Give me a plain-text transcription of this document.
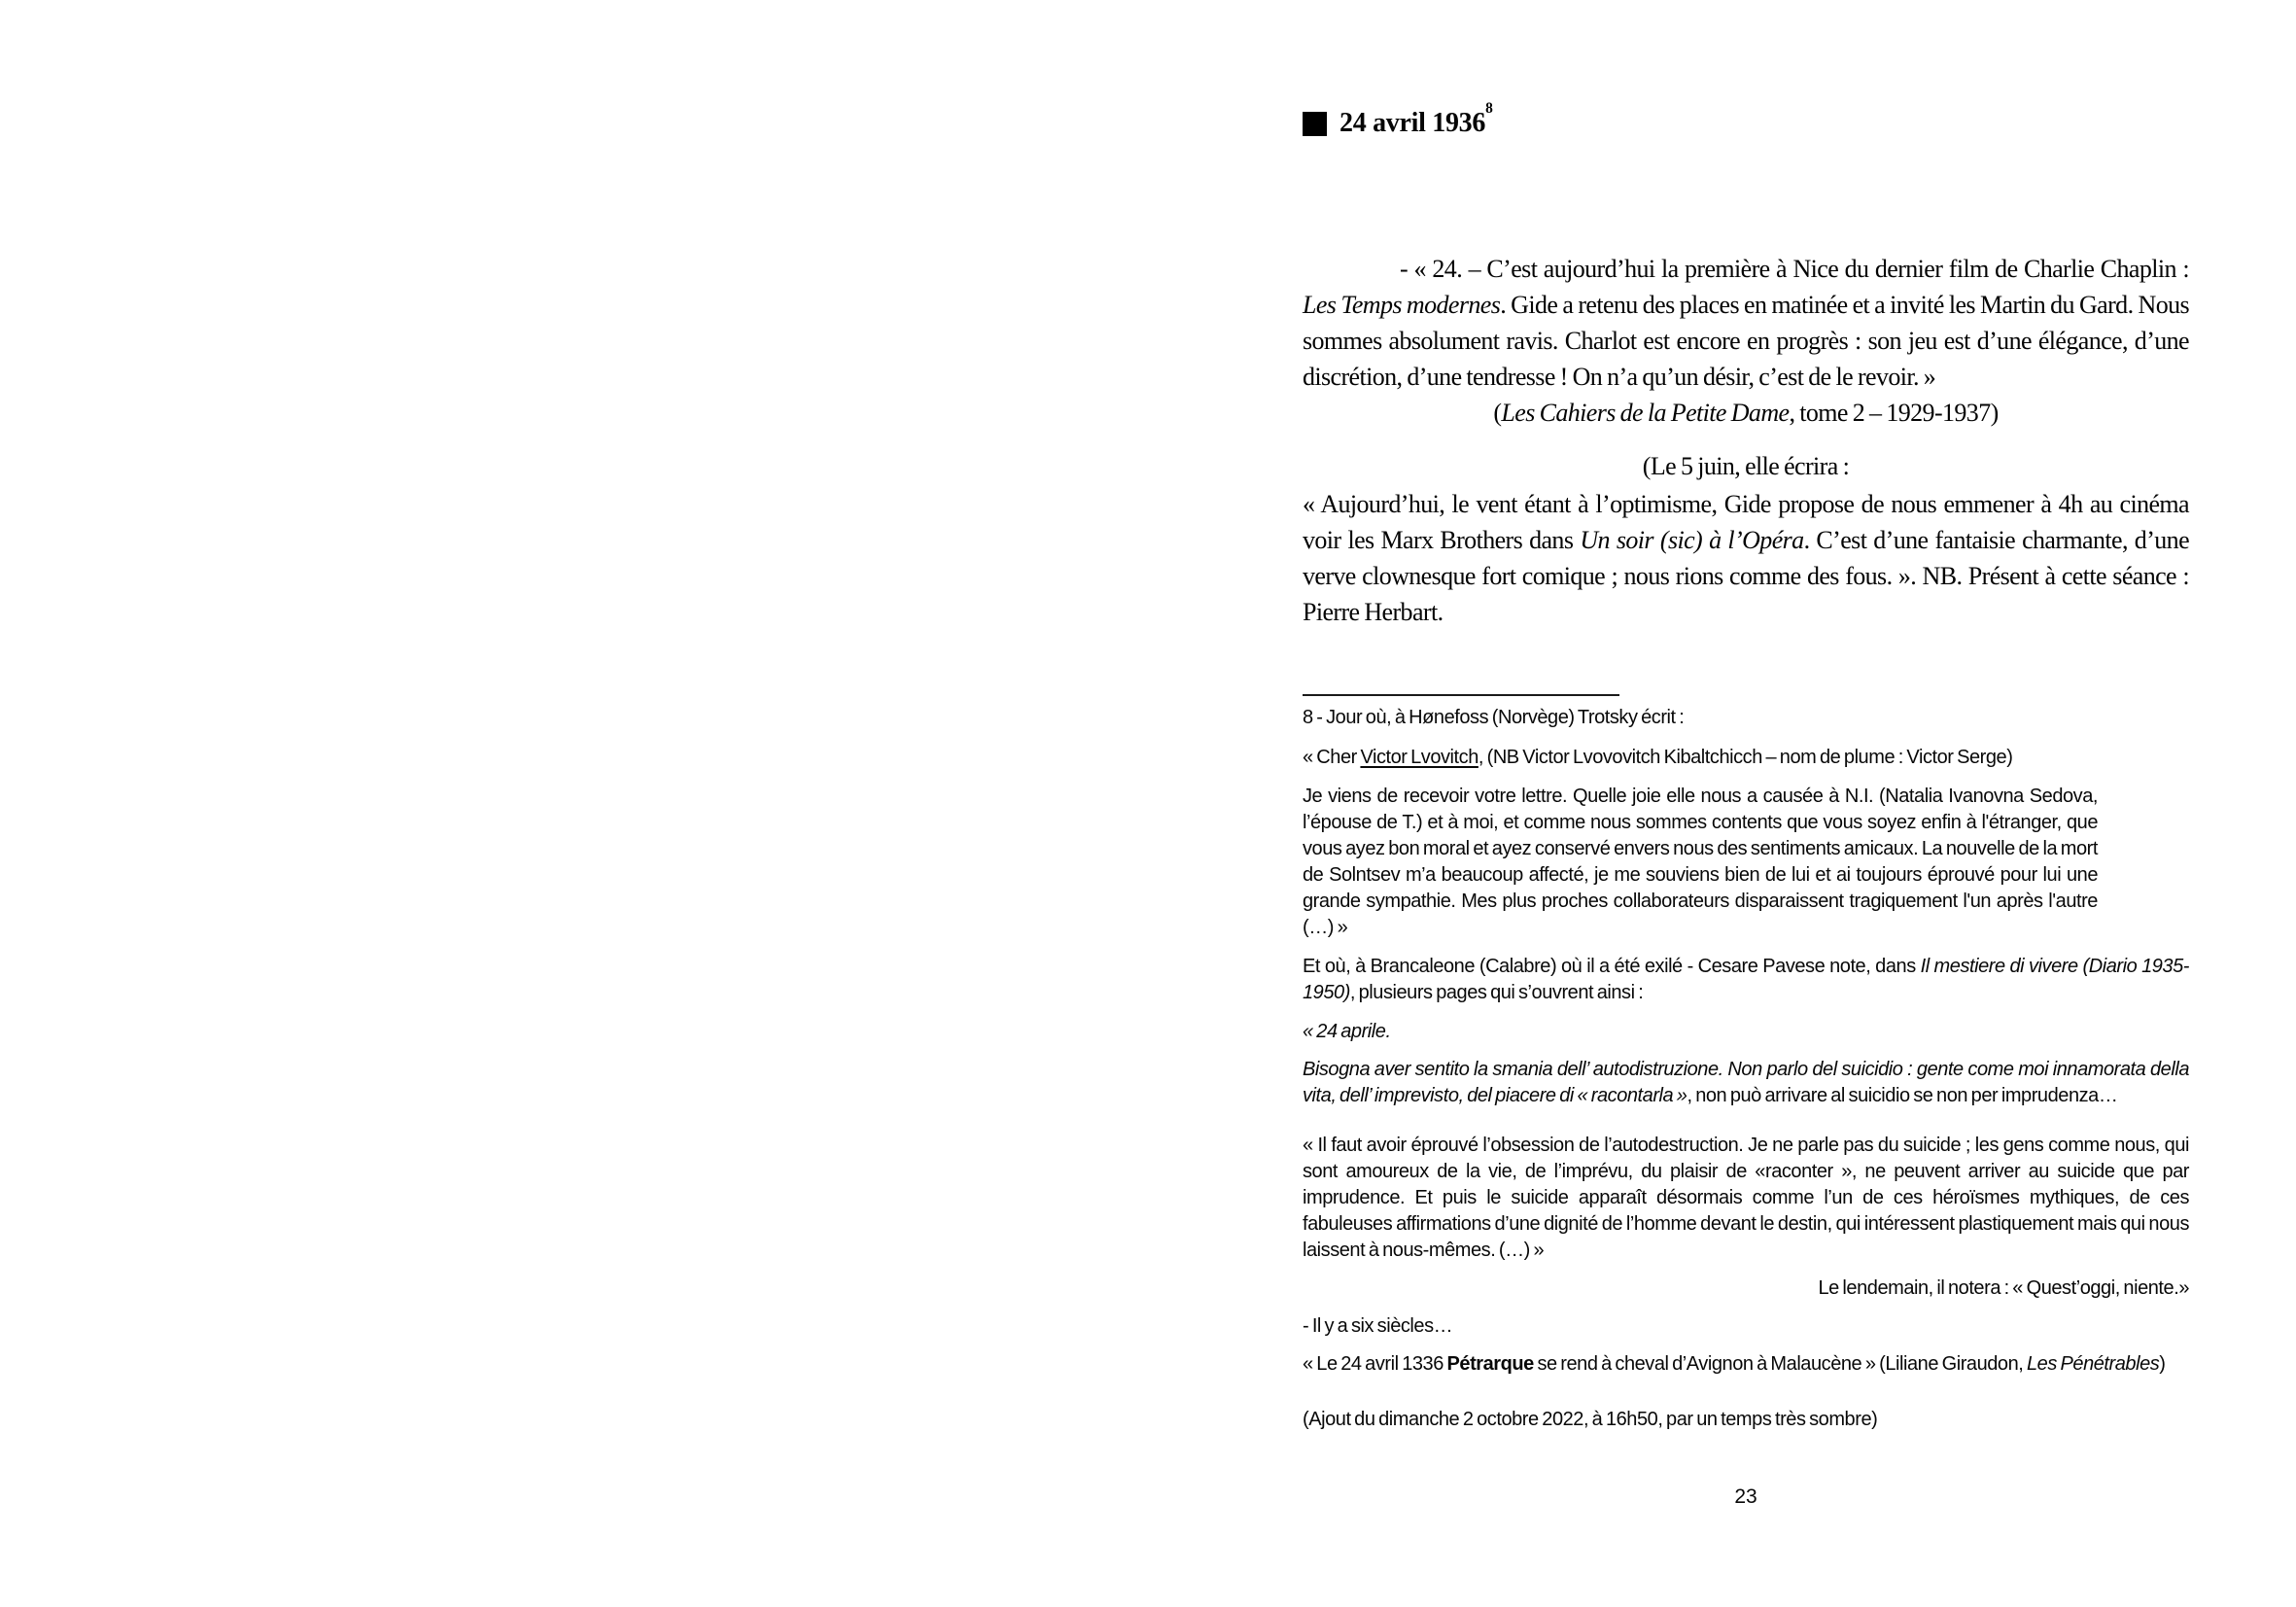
24 avril 1936$^8$

- « 24. – C’est aujourd’hui la première à Nice du dernier film de Charlie Chaplin : Les Temps modernes. Gide a retenu des places en matinée et a invité les Martin du Gard. Nous sommes absolument ravis. Charlot est encore en progrès : son jeu est d’une élégance, d’une discrétion, d’une tendresse ! On n’a qu’un désir, c’est de le revoir. »

(Les Cahiers de la Petite Dame, tome 2 – 1929-1937)

(Le 5 juin, elle écrira :

« Aujourd’hui, le vent étant à l’optimisme, Gide propose de nous emmener à 4h au cinéma voir les Marx Brothers dans Un soir (sic) à l’Opéra. C’est d’une fantaisie charmante, d’une verve clownesque fort comique ; nous rions comme des fous. ». NB. Présent à cette séance : Pierre Herbart.

8 - Jour où, à Hønefoss (Norvège) Trotsky écrit :

« Cher Victor Lvovitch, (NB Victor Lvovovitch Kibaltchicch – nom de plume : Victor Serge)

Je viens de recevoir votre lettre. Quelle joie elle nous a causée à N.I. (Natalia Ivanovna Sedova, l’épouse de T.) et à moi, et comme nous sommes contents que vous soyez enfin à l'étranger, que vous ayez bon moral et ayez conservé envers nous des sentiments amicaux. La nouvelle de la mort de Solntsev m’a beaucoup affecté, je me souviens bien de lui et ai toujours éprouvé pour lui une grande sympathie. Mes plus proches collaborateurs disparaissent tragiquement l'un après l'autre (…) »

Et où, à Brancaleone (Calabre) où il a été exilé - Cesare Pavese note, dans Il mestiere di vivere (Diario 1935-1950), plusieurs pages qui s’ouvrent ainsi :

« 24 aprile.

Bisogna aver sentito la smania dell’ autodistruzione. Non parlo del suicidio : gente come moi innamorata della vita, dell’ imprevisto, del piacere di « racontarla », non può arrivare al suicidio se non per imprudenza…

« Il faut avoir éprouvé l’obsession de l’autodestruction. Je ne parle pas du suicide ; les gens comme nous, qui sont amoureux de la vie, de l’imprévu, du plaisir de «raconter », ne peuvent arriver au suicide que par imprudence. Et puis le suicide apparaît désormais comme l’un de ces héroïsmes mythiques, de ces fabuleuses affirmations d’une dignité de l’homme devant le destin, qui intéressent plastiquement mais qui nous laissent à nous-mêmes. (…) »

Le lendemain, il notera : « Quest’oggi, niente.»

- Il y a six siècles…

« Le 24 avril 1336 Pétrarque se rend à cheval d’Avignon à Malaucène » (Liliane Giraudon, Les Pénétrables)

(Ajout du dimanche 2 octobre 2022, à 16h50, par un temps très sombre)

23
